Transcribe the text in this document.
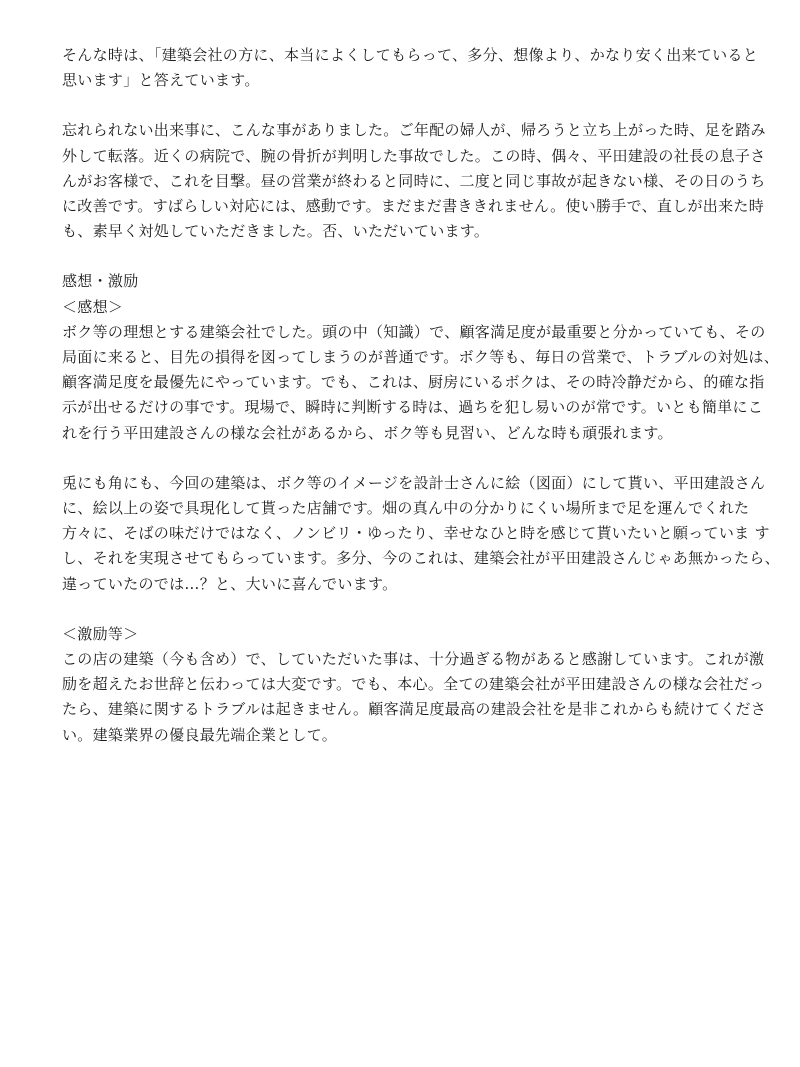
そんな時は、「建築会社の方に、本当によくしてもらって、多分、想像より、かなり安く出来ていると
思います」と答えています。

忘れられない出来事に、こんな事がありました。ご年配の婦人が、帰ろうと立ち上がった時、足を踏み
外して転落。近くの病院で、腕の骨折が判明した事故でした。この時、偶々、平田建設の社長の息子さ
んがお客様で、これを目撃。昼の営業が終わると同時に、二度と同じ事故が起きない様、その日のうち
に改善です。すばらしい対応には、感動です。まだまだ書ききれません。使い勝手で、直しが出来た時
も、素早く対処していただきました。否、いただいています。

感想・激励
＜感想＞
ボク等の理想とする建築会社でした。頭の中（知識）で、顧客満足度が最重要と分かっていても、その
局面に来ると、目先の損得を図ってしまうのが普通です。ボク等も、毎日の営業で、トラブルの対処は、
顧客満足度を最優先にやっています。でも、これは、厨房にいるボクは、その時冷静だから、的確な指
示が出せるだけの事です。現場で、瞬時に判断する時は、過ちを犯し易いのが常です。いとも簡単にこ
れを行う平田建設さんの様な会社があるから、ボク等も見習い、どんな時も頑張れます。

兎にも角にも、今回の建築は、ボク等のイメージを設計士さんに絵（図面）にして貰い、平田建設さん
に、絵以上の姿で具現化して貰った店舗です。畑の真ん中の分かりにくい場所まで足を運んでくれた
方々に、そばの味だけではなく、ノンビリ・ゆったり、幸せなひと時を感じて貰いたいと願っていま す
し、それを実現させてもらっています。多分、今のこれは、建築会社が平田建設さんじゃあ無かったら、
違っていたのでは…？と、大いに喜んでいます。

＜激励等＞
この店の建築（今も含め）で、していただいた事は、十分過ぎる物があると感謝しています。これが激
励を超えたお世辞と伝わっては大変です。でも、本心。全ての建築会社が平田建設さんの様な会社だっ
たら、建築に関するトラブルは起きません。顧客満足度最高の建設会社を是非これからも続けてくださ
い。建築業界の優良最先端企業として。
